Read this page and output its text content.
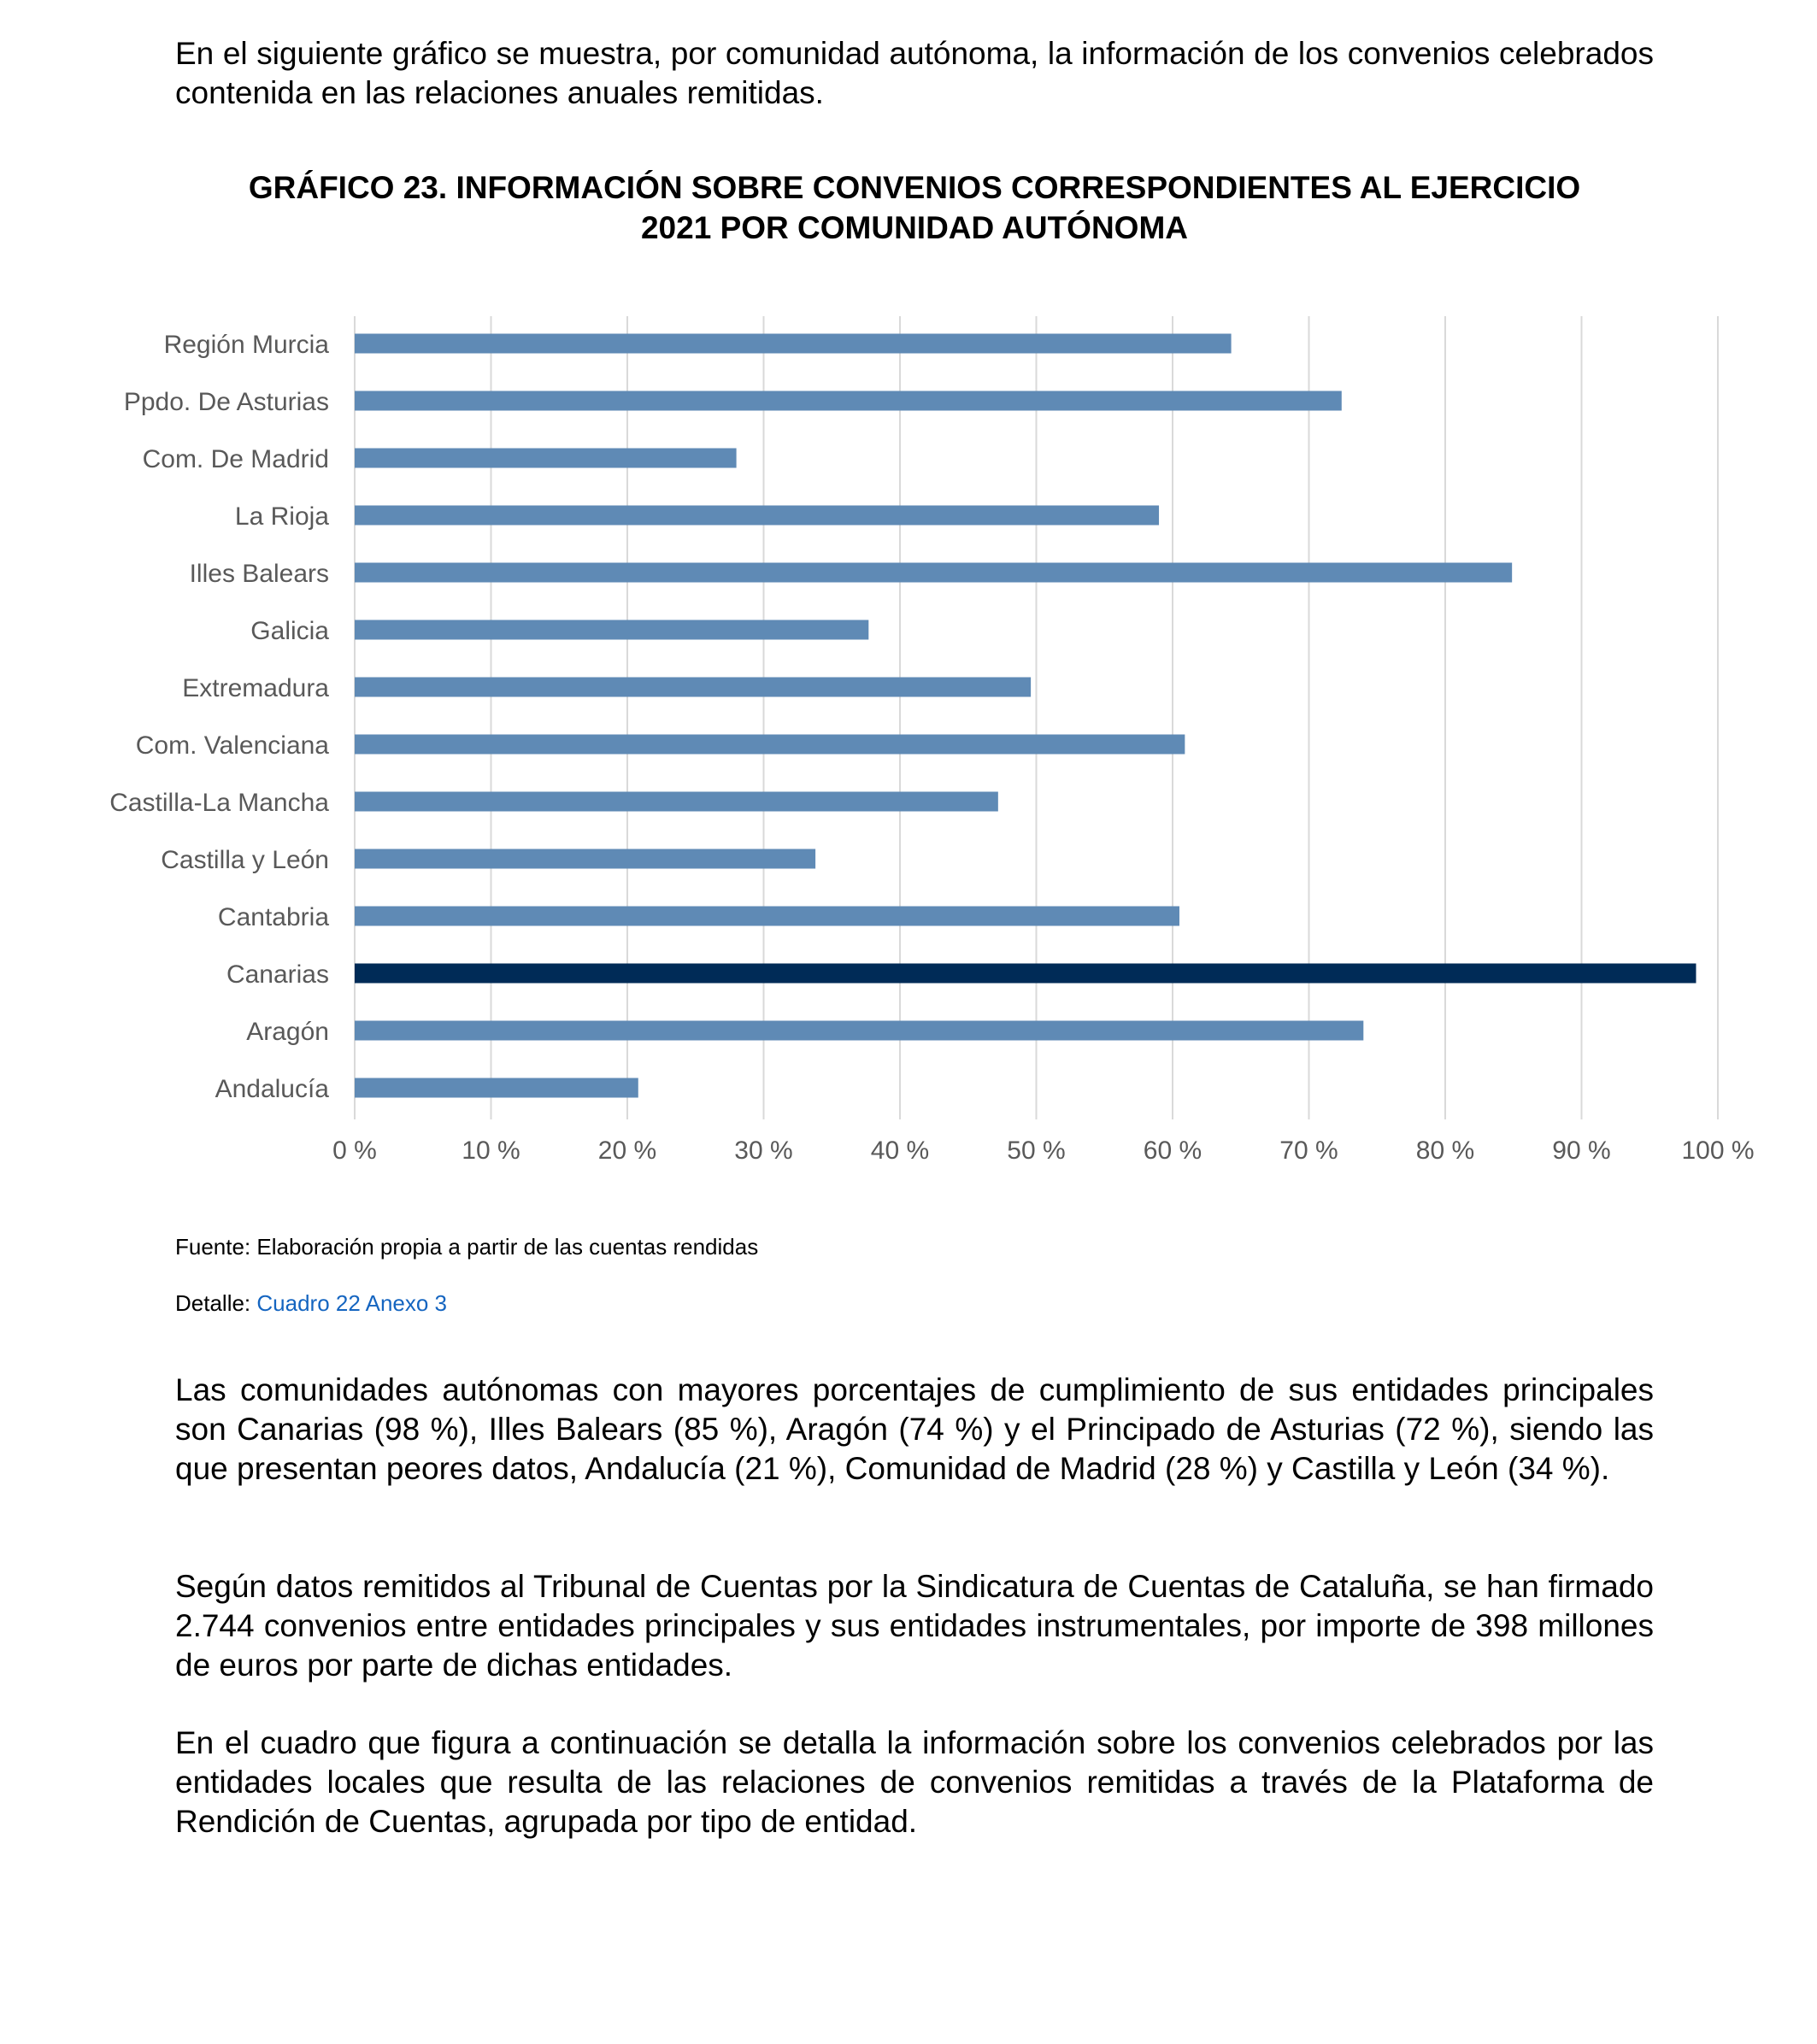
En el siguiente gráfico se muestra, por comunidad autónoma, la información de los convenios celebrados contenida en las relaciones anuales remitidas.

GRÁFICO 23. INFORMACIÓN SOBRE CONVENIOS CORRESPONDIENTES AL EJERCICIO
2021 POR COMUNIDAD AUTÓNOMA
Región Murcia
Ppdo. De Asturias
Com. De Madrid
La Rioja
Illes Balears
Galicia
Extremadura
Com. Valenciana
Castilla-La Mancha
Castilla y León
Cantabria
Canarias
Aragón
Andalucía
0 %	10 %	20 %	30 %	40 %	50 %	60 %	70 %	80 %	90 %	100 %

Fuente: Elaboración propia a partir de las cuentas rendidas

Detalle: Cuadro 22 Anexo 3

Las comunidades autónomas con mayores porcentajes de cumplimiento de sus entidades principales son Canarias (98 %), Illes Balears (85 %), Aragón (74 %) y el Principado de Asturias (72 %), siendo las que presentan peores datos, Andalucía (21 %), Comunidad de Madrid (28 %) y Castilla y León (34 %).

Según datos remitidos al Tribunal de Cuentas por la Sindicatura de Cuentas de Cataluña, se han firmado 2.744 convenios entre entidades principales y sus entidades instrumentales, por importe de 398 millones de euros por parte de dichas entidades.

En el cuadro que figura a continuación se detalla la información sobre los convenios celebrados por las entidades locales que resulta de las relaciones de convenios remitidas a través de la Plataforma de Rendición de Cuentas, agrupada por tipo de entidad.
